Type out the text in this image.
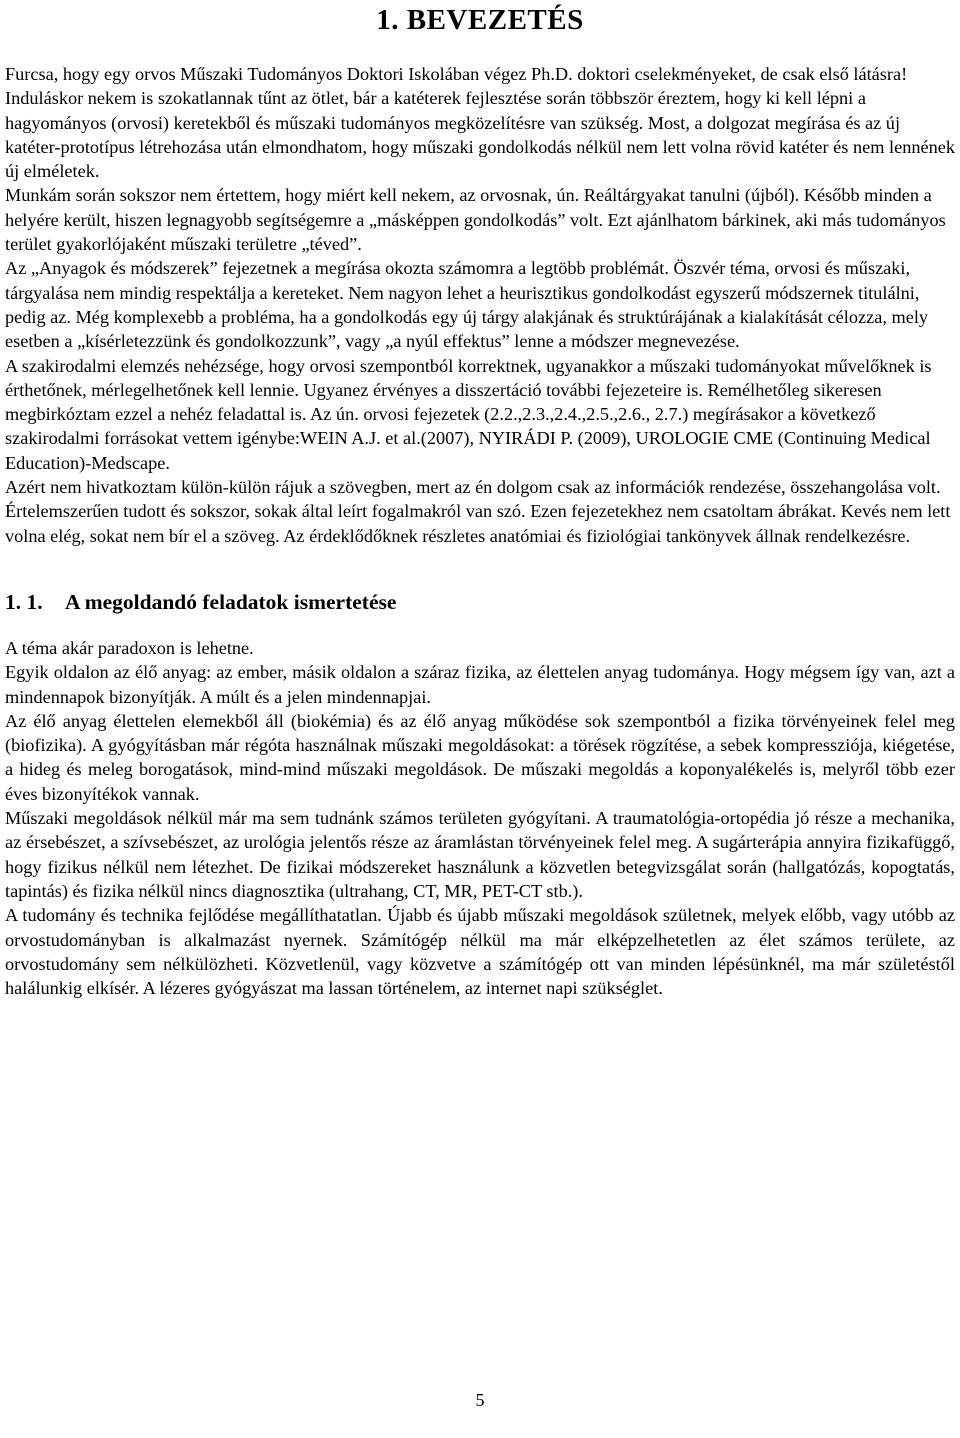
1. BEVEZETÉS

Furcsa, hogy egy orvos Műszaki Tudományos Doktori Iskolában végez Ph.D. doktori cselekményeket, de csak első látásra!

Induláskor nekem is szokatlannak tűnt az ötlet, bár a katéterek fejlesztése során többször éreztem, hogy ki kell lépni a hagyományos (orvosi) keretekből és műszaki tudományos megközelítésre van szükség. Most, a dolgozat megírása és az új katéter-prototípus létrehozása után elmondhatom, hogy műszaki gondolkodás nélkül nem lett volna rövid katéter és nem lennének új elméletek.

Munkám során sokszor nem értettem, hogy miért kell nekem, az orvosnak, ún. Reáltárgyakat tanulni (újból). Később minden a helyére került, hiszen legnagyobb segítségemre a „másképpen gondolkodás” volt. Ezt ajánlhatom bárkinek, aki más tudományos terület gyakorlójaként műszaki területre „téved”.

Az „Anyagok és módszerek” fejezetnek a megírása okozta számomra a legtöbb problémát. Öszvér téma, orvosi és műszaki, tárgyalása nem mindig respektálja a kereteket. Nem nagyon lehet a heurisztikus gondolkodást egyszerű módszernek titulálni, pedig az. Még komplexebb a probléma, ha a gondolkodás egy új tárgy alakjának és struktúrájának a kialakítását célozza, mely esetben a „kísérletezzünk és gondolkozzunk”, vagy „a nyúl effektus” lenne a módszer megnevezése.

A szakirodalmi elemzés nehézsége, hogy orvosi szempontból korrektnek, ugyanakkor a műszaki tudományokat művelőknek is érthetőnek, mérlegelhetőnek kell lennie. Ugyanez érvényes a disszertáció további fejezeteire is. Remélhetőleg sikeresen megbirkóztam ezzel a nehéz feladattal is. Az ún. orvosi fejezetek (2.2.,2.3.,2.4.,2.5.,2.6., 2.7.) megírásakor a következő szakirodalmi forrásokat vettem igénybe:WEIN A.J. et al.(2007), NYIRÁDI P. (2009), UROLOGIE CME (Continuing Medical Education)-Medscape.

Azért nem hivatkoztam külön-külön rájuk a szövegben, mert az én dolgom csak az információk rendezése, összehangolása volt. Értelemszerűen tudott és sokszor, sokak által leírt fogalmakról van szó. Ezen fejezetekhez nem csatoltam ábrákat. Kevés nem lett volna elég, sokat nem bír el a szöveg. Az érdeklődőknek részletes anatómiai és fiziológiai tankönyvek állnak rendelkezésre.

1. 1. A megoldandó feladatok ismertetése

A téma akár paradoxon is lehetne.

Egyik oldalon az élő anyag: az ember, másik oldalon a száraz fizika, az élettelen anyag tudománya. Hogy mégsem így van, azt a mindennapok bizonyítják. A múlt és a jelen mindennapjai.

Az élő anyag élettelen elemekből áll (biokémia) és az élő anyag működése sok szempontból a fizika törvényeinek felel meg (biofizika). A gyógyításban már régóta használnak műszaki megoldásokat: a törések rögzítése, a sebek kompressziója, kiégetése, a hideg és meleg borogatások, mind-mind műszaki megoldások. De műszaki megoldás a koponyalékelés is, melyről több ezer éves bizonyítékok vannak.

Műszaki megoldások nélkül már ma sem tudnánk számos területen gyógyítani. A traumatológia-ortopédia jó része a mechanika, az érsebészet, a szívsebészet, az urológia jelentős része az áramlástan törvényeinek felel meg. A sugárterápia annyira fizikafüggő, hogy fizikus nélkül nem létezhet. De fizikai módszereket használunk a közvetlen betegvizsgálat során (hallgatózás, kopogtatás, tapintás) és fizika nélkül nincs diagnosztika (ultrahang, CT, MR, PET-CT stb.).

A tudomány és technika fejlődése megállíthatatlan. Újabb és újabb műszaki megoldások születnek, melyek előbb, vagy utóbb az orvostudományban is alkalmazást nyernek. Számítógép nélkül ma már elképzelhetetlen az élet számos területe, az orvostudomány sem nélkülözheti. Közvetlenül, vagy közvetve a számítógép ott van minden lépésünknél, ma már születéstől halálunkig elkísér. A lézeres gyógyászat ma lassan történelem, az internet napi szükséglet.

5
